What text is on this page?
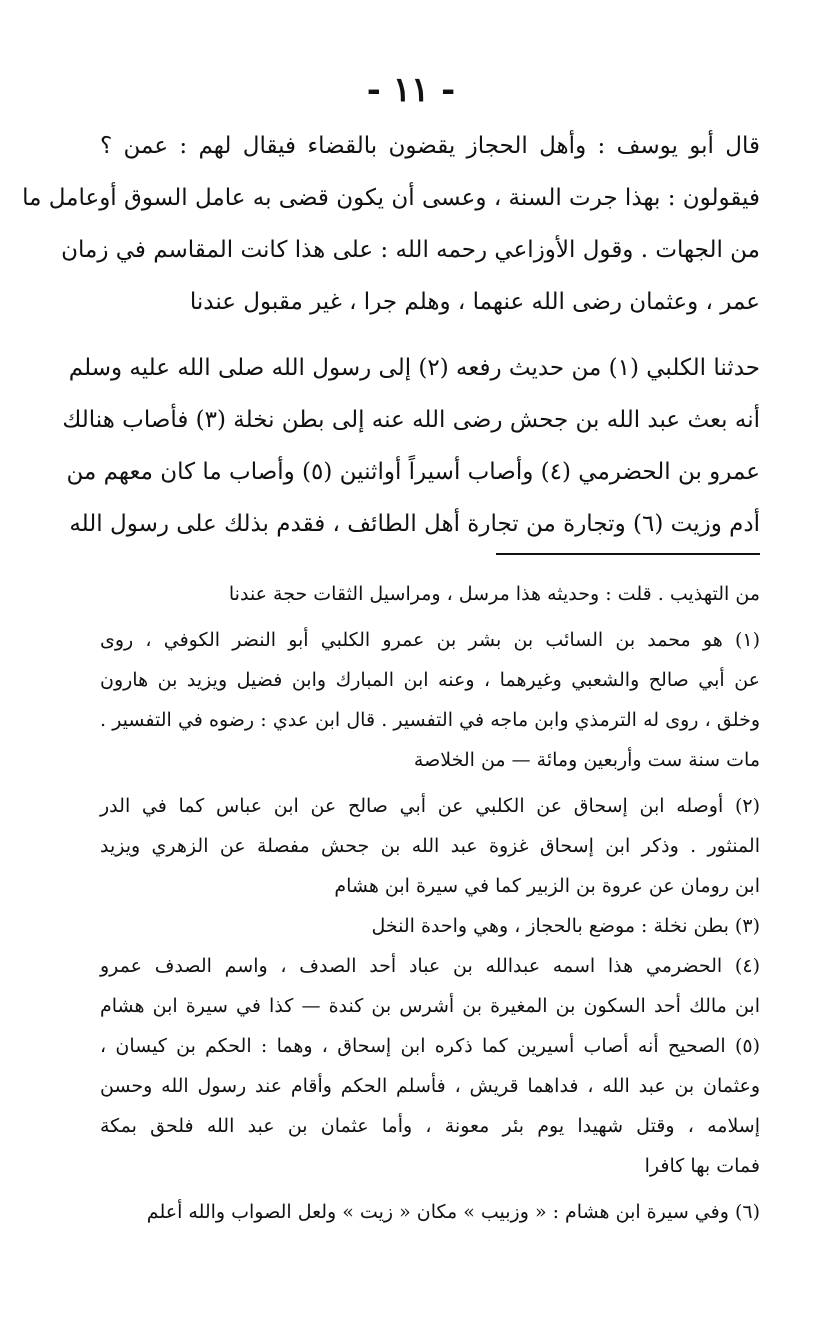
- ١١ -
قال أبو يوسف : وأهل الحجاز يقضون بالقضاء فيقال لهم : عمن ؟
فيقولون : بهذا جرت السنة ، وعسى أن يكون قضى به عامل السوق أوعامل ما
من الجهات . وقول الأوزاعي رحمه الله : على هذا كانت المقاسم في زمان
عمر ، وعثمان رضى الله عنهما ، وهلم جرا ، غير مقبول عندنا
حدثنا الكلبي (١) من حديث رفعه (٢) إلى رسول الله صلى الله عليه وسلم
أنه بعث عبد الله بن جحش رضى الله عنه إلى بطن نخلة (٣) فأصاب هنالك
عمرو بن الحضرمي (٤) وأصاب أسيراً أواثنين (٥) وأصاب ما كان معهم من
أدم وزيت (٦) وتجارة من تجارة أهل الطائف ، فقدم بذلك على رسول الله
من التهذيب . قلت : وحديثه هذا مرسل ، ومراسيل الثقات حجة عندنا
(١) هو محمد بن السائب بن بشر بن عمرو الكلبي أبو النضر الكوفي ، روى
عن أبي صالح والشعبي وغيرهما ، وعنه ابن المبارك وابن فضيل ويزيد بن هارون
وخلق ، روى له الترمذي وابن ماجه في التفسير . قال ابن عدي : رضوه في التفسير .
مات سنة ست وأربعين ومائة — من الخلاصة
(٢) أوصله ابن إسحاق عن الكلبي عن أبي صالح عن ابن عباس كما في الدر
المنثور . وذكر ابن إسحاق غزوة عبد الله بن جحش مفصلة عن الزهري ويزيد
ابن رومان عن عروة بن الزبير كما في سيرة ابن هشام
(٣) بطن نخلة : موضع بالحجاز ، وهي واحدة النخل
(٤) الحضرمي هذا اسمه عبدالله بن عباد أحد الصدف ، واسم الصدف عمرو
ابن مالك أحد السكون بن المغيرة بن أشرس بن كندة — كذا في سيرة ابن هشام
(٥) الصحيح أنه أصاب أسيرين كما ذكره ابن إسحاق ، وهما : الحكم بن كيسان ،
وعثمان بن عبد الله ، فداهما قريش ، فأسلم الحكم وأقام عند رسول الله وحسن
إسلامه ، وقتل شهيدا يوم بئر معونة ، وأما عثمان بن عبد الله فلحق بمكة
فمات بها كافرا
(٦) وفي سيرة ابن هشام : « وزبيب » مكان « زيت » ولعل الصواب والله أعلم
